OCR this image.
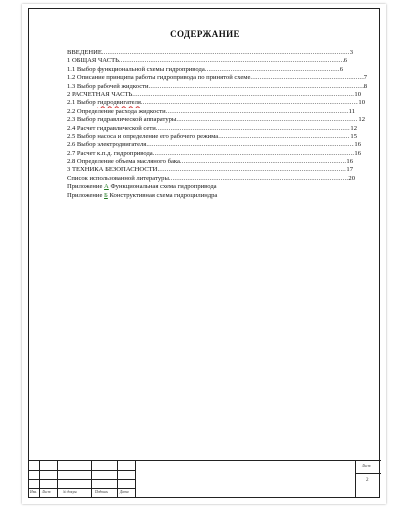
СОДЕРЖАНИЕ
ВВЕДЕНИЕ .....	3
1 ОБЩАЯ ЧАСТЬ .....	6
1.1 Выбор функциональной схемы гидропривода .....	6
1.2 Описание принципа работы гидропривода по принятой схеме .....	7
1.3 Выбор рабочей жидкости .....	8
2 РАСЧЕТНАЯ ЧАСТЬ .....	10
2.1 Выбор гидродвигателя .....	10
2.2 Определение расхода жидкости .....	11
2.3 Выбор гидравлической аппаратуры .....	12
2.4 Расчет гидравлической сети .....	12
2.5 Выбор насоса и определение его рабочего режима .....	15
2.6 Выбор электродвигателя .....	16
2.7 Расчет к.п.д. гидропривода .....	16
2.8 Определение объема масляного бака .....	16
3 ТЕХНИКА БЕЗОПАСНОСТИ .....	17
Список использованной литературы .....	20
Приложение А Функциональная схема гидропривода
Приложение Б Конструктивная схема гидроцилиндра
Изм. Лист	№ докум.	Подпись	Дата
Лист
2
